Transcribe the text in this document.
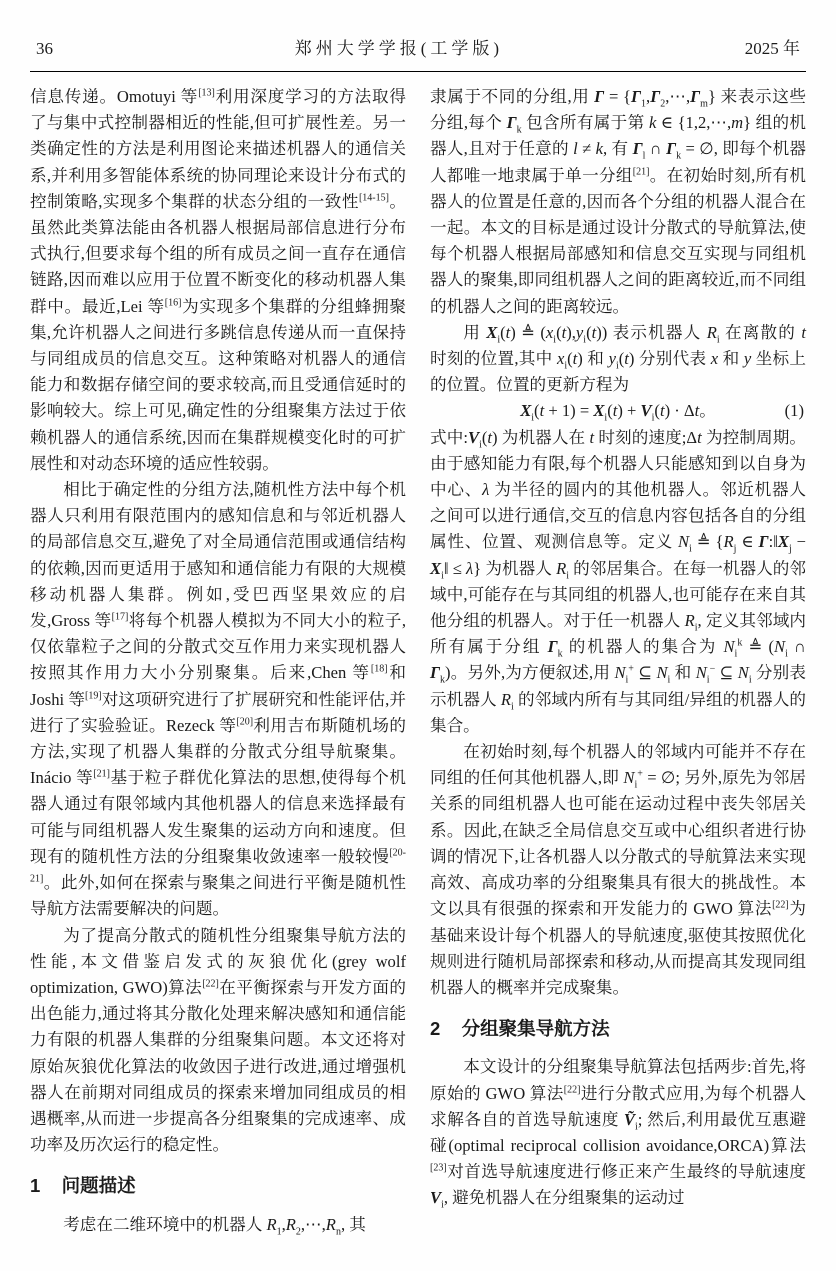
36	郑州大学学报(工学版)	2025 年

信息传递。Omotuyi 等[13]利用深度学习的方法取得了与集中式控制器相近的性能,但可扩展性差。另一类确定性的方法是利用图论来描述机器人的通信关系,并利用多智能体系统的协同理论来设计分布式的控制策略,实现多个集群的状态分组的一致性[14-15]。虽然此类算法能由各机器人根据局部信息进行分布式执行,但要求每个组的所有成员之间一直存在通信链路,因而难以应用于位置不断变化的移动机器人集群中。最近,Lei 等[16]为实现多个集群的分组蜂拥聚集,允许机器人之间进行多跳信息传递从而一直保持与同组成员的信息交互。这种策略对机器人的通信能力和数据存储空间的要求较高,而且受通信延时的影响较大。综上可见,确定性的分组聚集方法过于依赖机器人的通信系统,因而在集群规模变化时的可扩展性和对动态环境的适应性较弱。

相比于确定性的分组方法,随机性方法中每个机器人只利用有限范围内的感知信息和与邻近机器人的局部信息交互,避免了对全局通信范围或通信结构的依赖,因而更适用于感知和通信能力有限的大规模移动机器人集群。例如,受巴西坚果效应的启发,Gross 等[17]将每个机器人模拟为不同大小的粒子,仅依靠粒子之间的分散式交互作用力来实现机器人按照其作用力大小分别聚集。后来,Chen 等[18]和 Joshi 等[19]对这项研究进行了扩展研究和性能评估,并进行了实验验证。Rezeck 等[20]利用吉布斯随机场的方法,实现了机器人集群的分散式分组导航聚集。Inácio 等[21]基于粒子群优化算法的思想,使得每个机器人通过有限邻域内其他机器人的信息来选择最有可能与同组机器人发生聚集的运动方向和速度。但现有的随机性方法的分组聚集收敛速率一般较慢[20-21]。此外,如何在探索与聚集之间进行平衡是随机性导航方法需要解决的问题。

为了提高分散式的随机性分组聚集导航方法的性能,本文借鉴启发式的灰狼优化(grey wolf optimization, GWO)算法[22]在平衡探索与开发方面的出色能力,通过将其分散化处理来解决感知和通信能力有限的机器人集群的分组聚集问题。本文还将对原始灰狼优化算法的收敛因子进行改进,通过增强机器人在前期对同组成员的探索来增加同组成员的相遇概率,从而进一步提高各分组聚集的完成速率、成功率及历次运行的稳定性。

1 问题描述

考虑在二维环境中的机器人 $R_1,R_2,\cdots,R_n$, 其

隶属于不同的分组,用 $\Gamma = \{\Gamma_1,\Gamma_2,\cdots,\Gamma_m\}$ 来表示这些分组,每个 $\Gamma_k$ 包含所有属于第 k ∈ {1,2,⋯,m} 组的机器人,且对于任意的 l ≠ k, 有 $\Gamma_l$ ∩ $\Gamma_k$ = ∅, 即每个机器人都唯一地隶属于单一分组[21]。在初始时刻,所有机器人的位置是任意的,因而各个分组的机器人混合在一起。本文的目标是通过设计分散式的导航算法,使每个机器人根据局部感知和信息交互实现与同组机器人的聚集,即同组机器人之间的距离较近,而不同组的机器人之间的距离较远。

用 $X_i(t)$ ≜ $(x_i(t),y_i(t))$ 表示机器人 $R_i$ 在离散的 t 时刻的位置,其中 $x_i(t)$ 和 $y_i(t)$ 分别代表 x 和 y 坐标上的位置。位置的更新方程为

$X_i(t + 1) = X_i(t) + V_i(t) \cdot \Delta t$。	(1)

式中$:V_i(t)$ 为机器人在 t 时刻的速度;Δt 为控制周期。由于感知能力有限,每个机器人只能感知到以自身为中心、λ 为半径的圆内的其他机器人。邻近机器人之间可以进行通信,交互的信息内容包括各自的分组属性、位置、观测信息等。定义 $N_i$ ≜ {$R_j$ ∈ $\Gamma:‖X_j$ − $X_i‖ \le \lambda$} 为机器人 $R_i$ 的邻居集合。在每一机器人的邻域中,可能存在与其同组的机器人,也可能存在来自其他分组的机器人。对于任一机器人 $R_i$, 定义其邻域内所有属于分组 $\Gamma_k$ 的机器人的集合为 $N_i^k$ ≜ ($N_i$ ∩ $\Gamma_k$)。另外,为方便叙述,用 $N_i^+$ ⊆ $N_i$ 和 $N_i^-$ ⊆ $N_i$ 分别表示机器人 $R_i$ 的邻域内所有与其同组/异组的机器人的集合。

在初始时刻,每个机器人的邻域内可能并不存在同组的任何其他机器人,即 $N_i^+$ = ∅; 另外,原先为邻居关系的同组机器人也可能在运动过程中丧失邻居关系。因此,在缺乏全局信息交互或中心组织者进行协调的情况下,让各机器人以分散式的导航算法来实现高效、高成功率的分组聚集具有很大的挑战性。本文以具有很强的探索和开发能力的 GWO 算法[22]为基础来设计每个机器人的导航速度,驱使其按照优化规则进行随机局部探索和移动,从而提高其发现同组机器人的概率并完成聚集。

2 分组聚集导航方法

本文设计的分组聚集导航算法包括两步:首先,将原始的 GWO 算法[22]进行分散式应用,为每个机器人求解各自的首选导航速度 Ṽ$_i$; 然后,利用最优互惠避碰(optimal reciprocal collision avoidance,ORCA)算法[23]对首选导航速度进行修正来产生最终的导航速度 $V_i$, 避免机器人在分组聚集的运动过
